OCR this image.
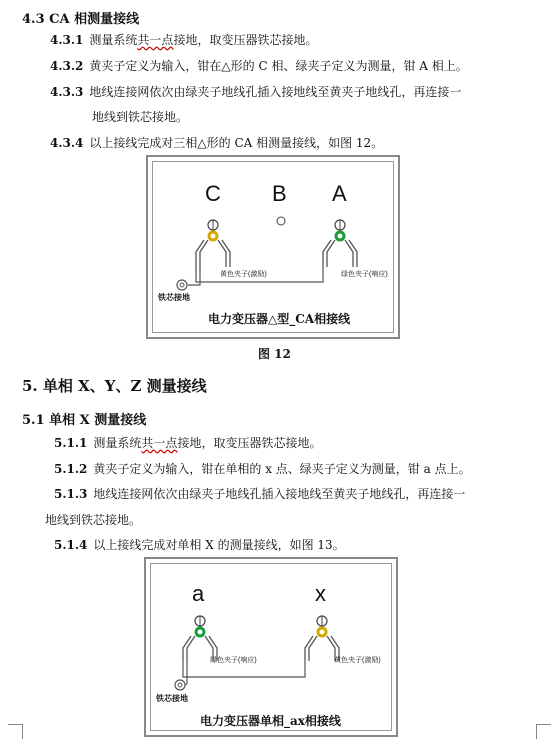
4.3 CA 相测量接线
4.3.1 测量系统共一点接地，取变压器铁芯接地。
4.3.2 黄夹子定义为输入，钳在△形的 C 相、绿夹子定义为测量，钳 A 相上。
4.3.3 地线连接网依次由绿夹子地线孔插入接地线至黄夹子地线孔，再连接一
地线到铁芯接地。
4.3.4 以上接线完成对三相△形的 CA 相测量接线，如图 12。
C B A
黄色夹子(激励)	绿色夹子(响应)
铁芯接地
电力变压器△型_CA相接线
图 12
5. 单相 X、Y、Z 测量接线
5.1 单相 X 测量接线
5.1.1 测量系统共一点接地，取变压器铁芯接地。
5.1.2 黄夹子定义为输入，钳在单相的 x 点、绿夹子定义为测量，钳 a 点上。
5.1.3 地线连接网依次由绿夹子地线孔插入接地线至黄夹子地线孔，再连接一
地线到铁芯接地。
5.1.4 以上接线完成对单相 X 的测量接线，如图 13。
a	x
绿色夹子(响应)	黄色夹子(激励)
铁芯接地
电力变压器单相_ax相接线
